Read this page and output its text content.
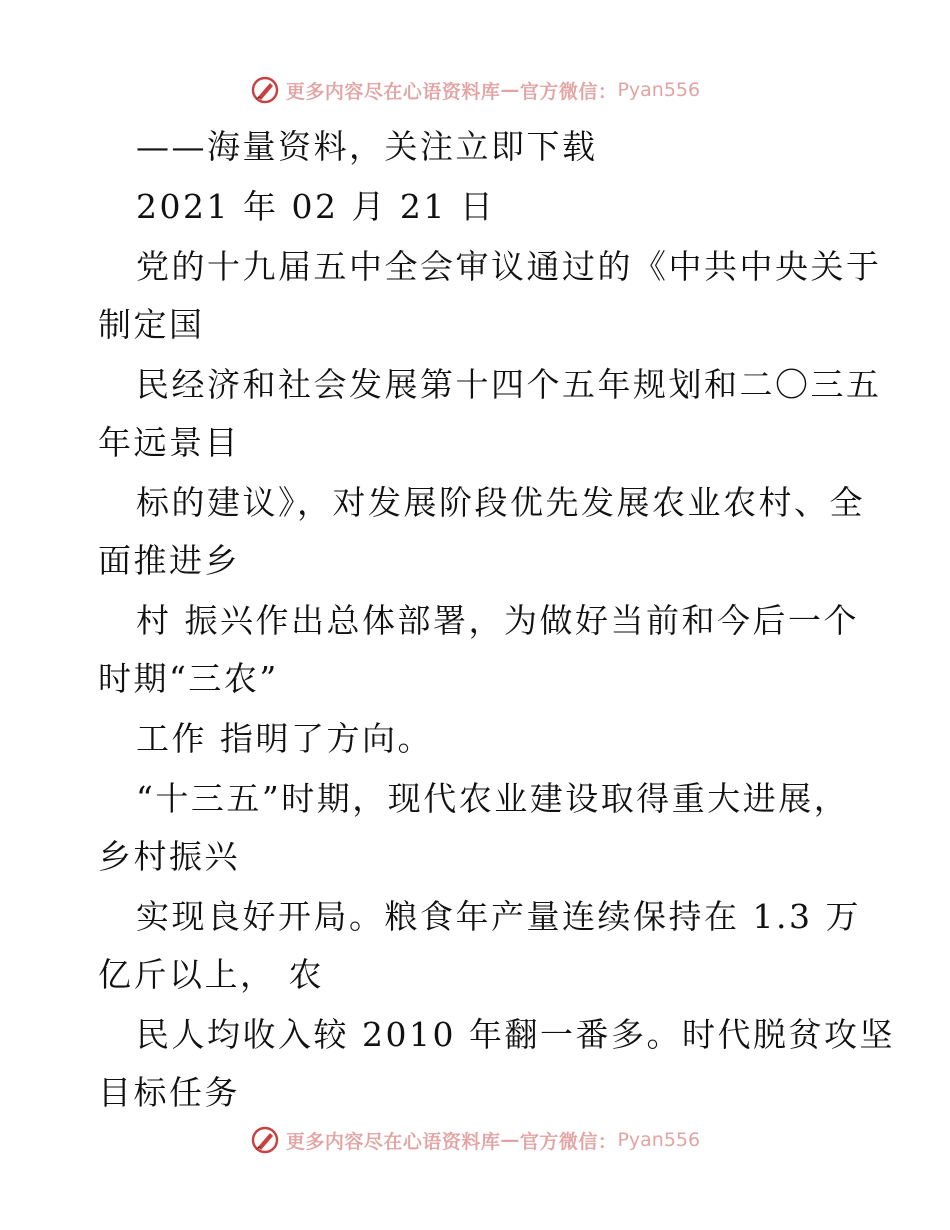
更多内容尽在心语资料库 — 官方微信： Pyan556
——海量资料，关注立即下载
2021 年 02 月 21 日
党的十九届五中全会审议通过的《中共中央关于
制定国
民经济和社会发展第十四个五年规划和二〇三五
年远景目
标的建议》，对发展阶段优先发展农业农村、全
面推进乡
村 振兴作出总体部署，为做好当前和今后一个
时期“三农”
工作 指明了方向。
“十三五”时期，现代农业建设取得重大进展，
乡村振兴
实现良好开局。粮食年产量连续保持在 1.3 万
亿斤以上， 农
民人均收入较 2010 年翻一番多。时代脱贫攻坚
目标任务
更多内容尽在心语资料库 — 官方微信： Pyan556
